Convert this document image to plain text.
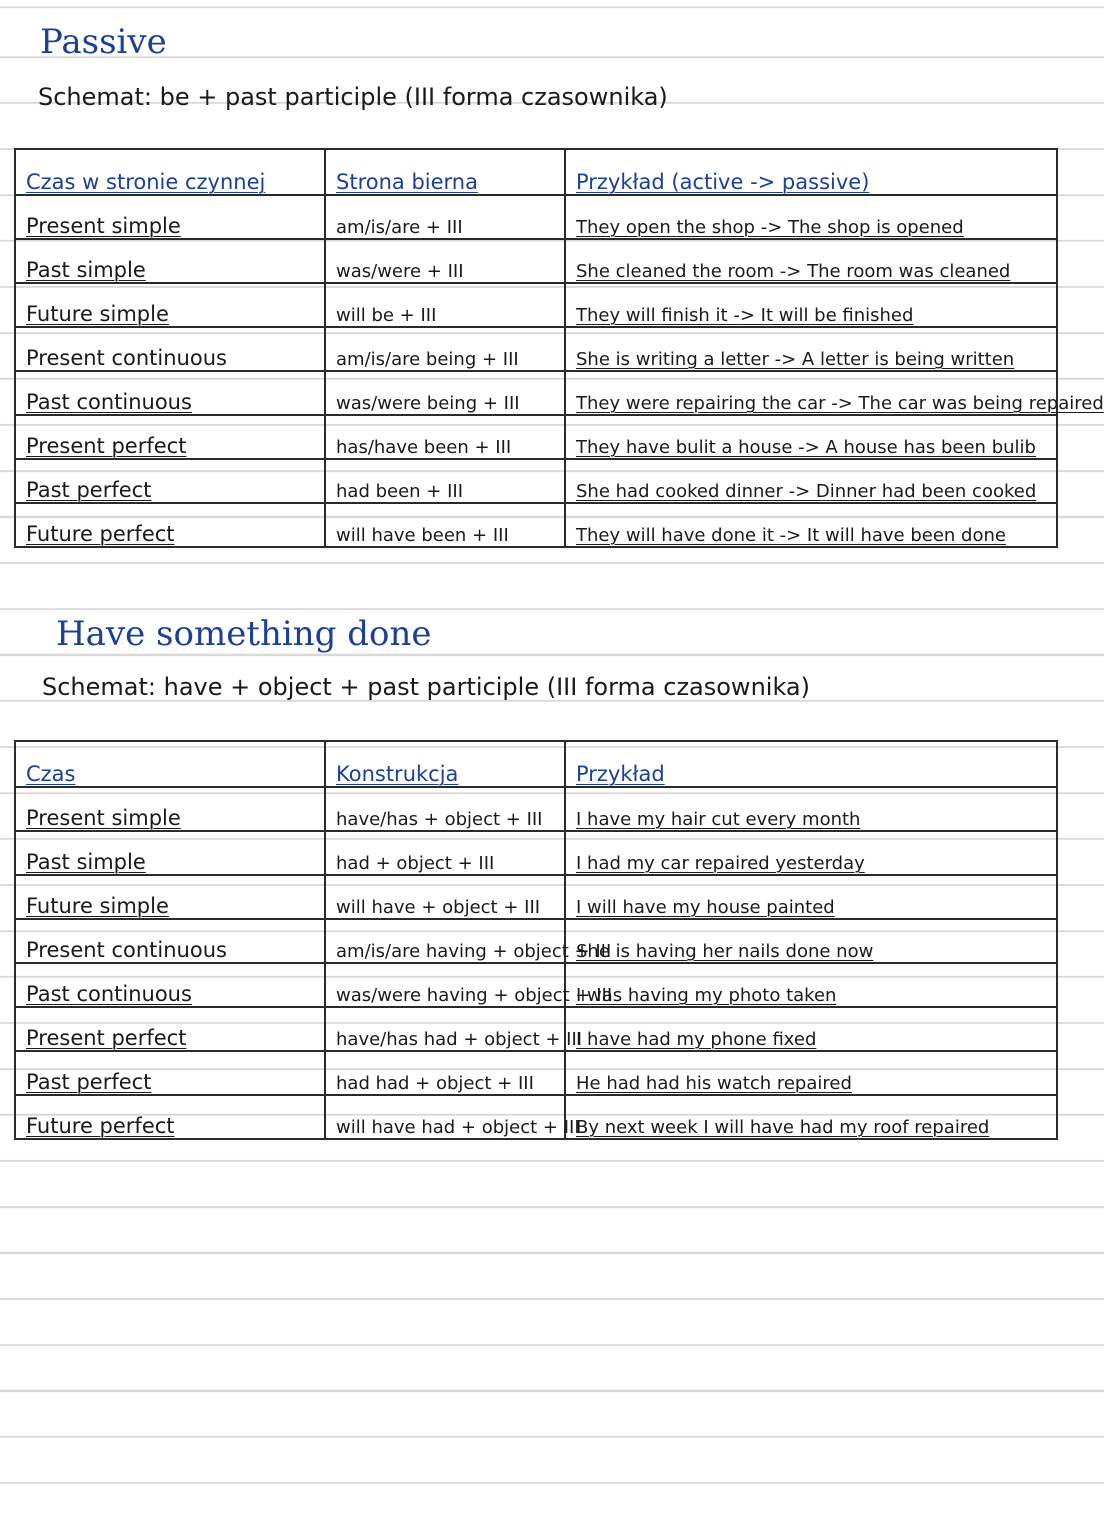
Passive

Schemat: be + past participle (III forma czasownika)

Czas w stronie czynnej	Strona bierna	Przykład (active -> passive)
Present simple	am/is/are + III	They open the shop -> The shop is opened
Past simple	was/were + III	She cleaned the room -> The room was cleaned
Future simple	will be + III	They will finish it -> It will be finished
Present continuous	am/is/are being + III	She is writing a letter -> A letter is being written
Past continuous	was/were being + III	They were repairing the car -> The car was being repaired
Present perfect	has/have been + III	They have bulit a house -> A house has been bulib
Past perfect	had been + III	She had cooked dinner -> Dinner had been cooked
Future perfect	will have been + III	They will have done it -> It will have been done
Have something done

Schemat: have + object + past participle (III forma czasownika)

Czas	Konstrukcja	Przykład
Present simple	have/has + object + III	I have my hair cut every month
Past simple	had + object + III	I had my car repaired yesterday
Future simple	will have + object + III	I will have my house painted
Present continuous	am/is/are having + object + III	She is having her nails done now
Past continuous	was/were having + object + III	I was having my photo taken
Present perfect	have/has had + object + III	I have had my phone fixed
Past perfect	had had + object + III	He had had his watch repaired
Future perfect	will have had + object + III	By next week I will have had my roof repaired
